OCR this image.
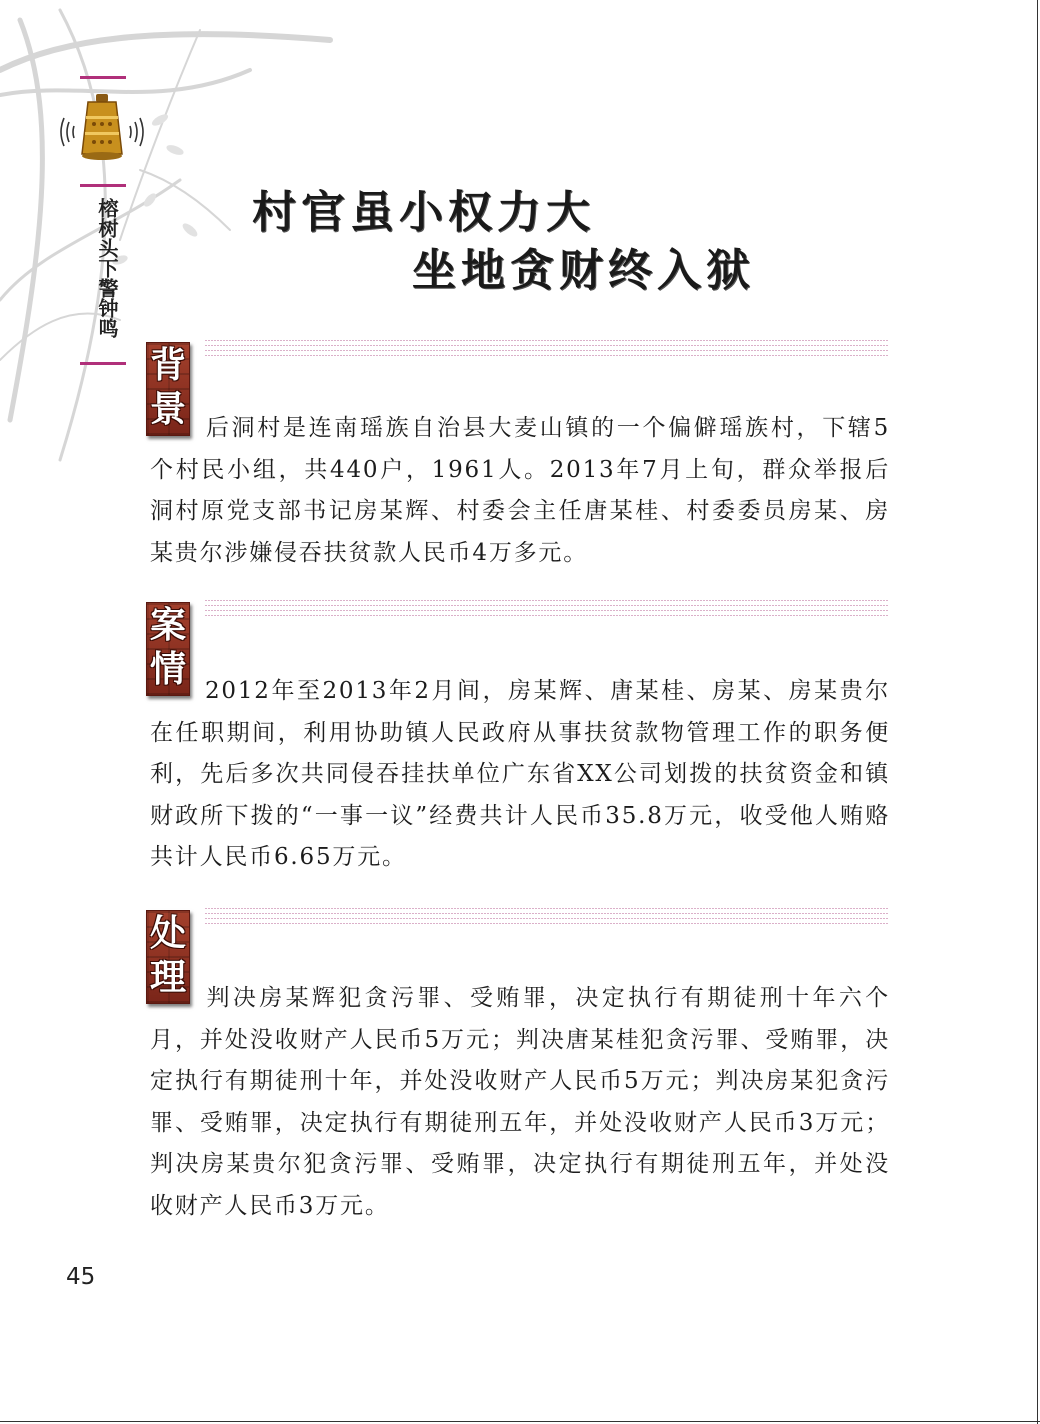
榕树头下警钟鸣	村官虽小权力大
坐地贪财终入狱
背
景 后洞村是连南瑶族自治县大麦山镇的一个偏僻瑶族村，下辖5个村民小组，共440户，1961人。2013年7月上旬，群众举报后洞村原党支部书记房某辉、村委会主任唐某桂、村委委员房某、房某贵尔涉嫌侵吞扶贫款人民币4万多元。
案
情
2012年至2013年2月间，房某辉、唐某桂、房某、房某贵尔在任职期间，利用协助镇人民政府从事扶贫款物管理工作的职务便利，先后多次共同侵吞挂扶单位广东省XX公司划拨的扶贫资金和镇财政所下拨的“一事一议”经费共计人民币35.8万元，收受他人贿赂共计人民币6.65万元。
处
理 判决房某辉犯贪污罪、受贿罪，决定执行有期徒刑十年六个月，并处没收财产人民币5万元；判决唐某桂犯贪污罪、受贿罪，决定执行有期徒刑十年，并处没收财产人民币5万元；判决房某犯贪污罪、受贿罪，决定执行有期徒刑五年，并处没收财产人民币3万元；判决房某贵尔犯贪污罪、受贿罪，决定执行有期徒刑五年，并处没收财产人民币3万元。
45
